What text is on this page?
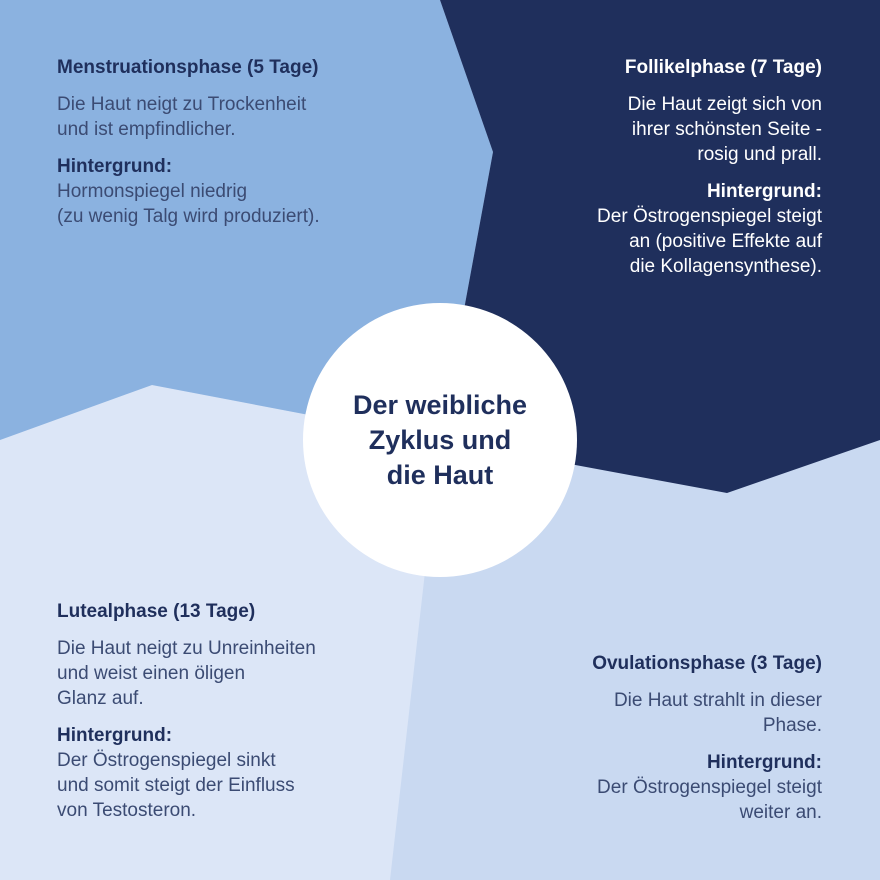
Menstruationsphase (5 Tage)

Die Haut neigt zu Trockenheit
und ist empfindlicher.

Hintergrund:

Hormonspiegel niedrig
(zu wenig Talg wird produziert).

Follikelphase (7 Tage)

Die Haut zeigt sich von
ihrer schönsten Seite -
rosig und prall.

Hintergrund:

Der Östrogenspiegel steigt
an (positive Effekte auf
die Kollagensynthese).

Lutealphase (13 Tage)

Die Haut neigt zu Unreinheiten
und weist einen öligen
Glanz auf.

Hintergrund:

Der Östrogenspiegel sinkt
und somit steigt der Einfluss
von Testosteron.

Ovulationsphase (3 Tage)

Die Haut strahlt in dieser
Phase.

Hintergrund:

Der Östrogenspiegel steigt
weiter an.

Der weibliche
Zyklus und
die Haut
